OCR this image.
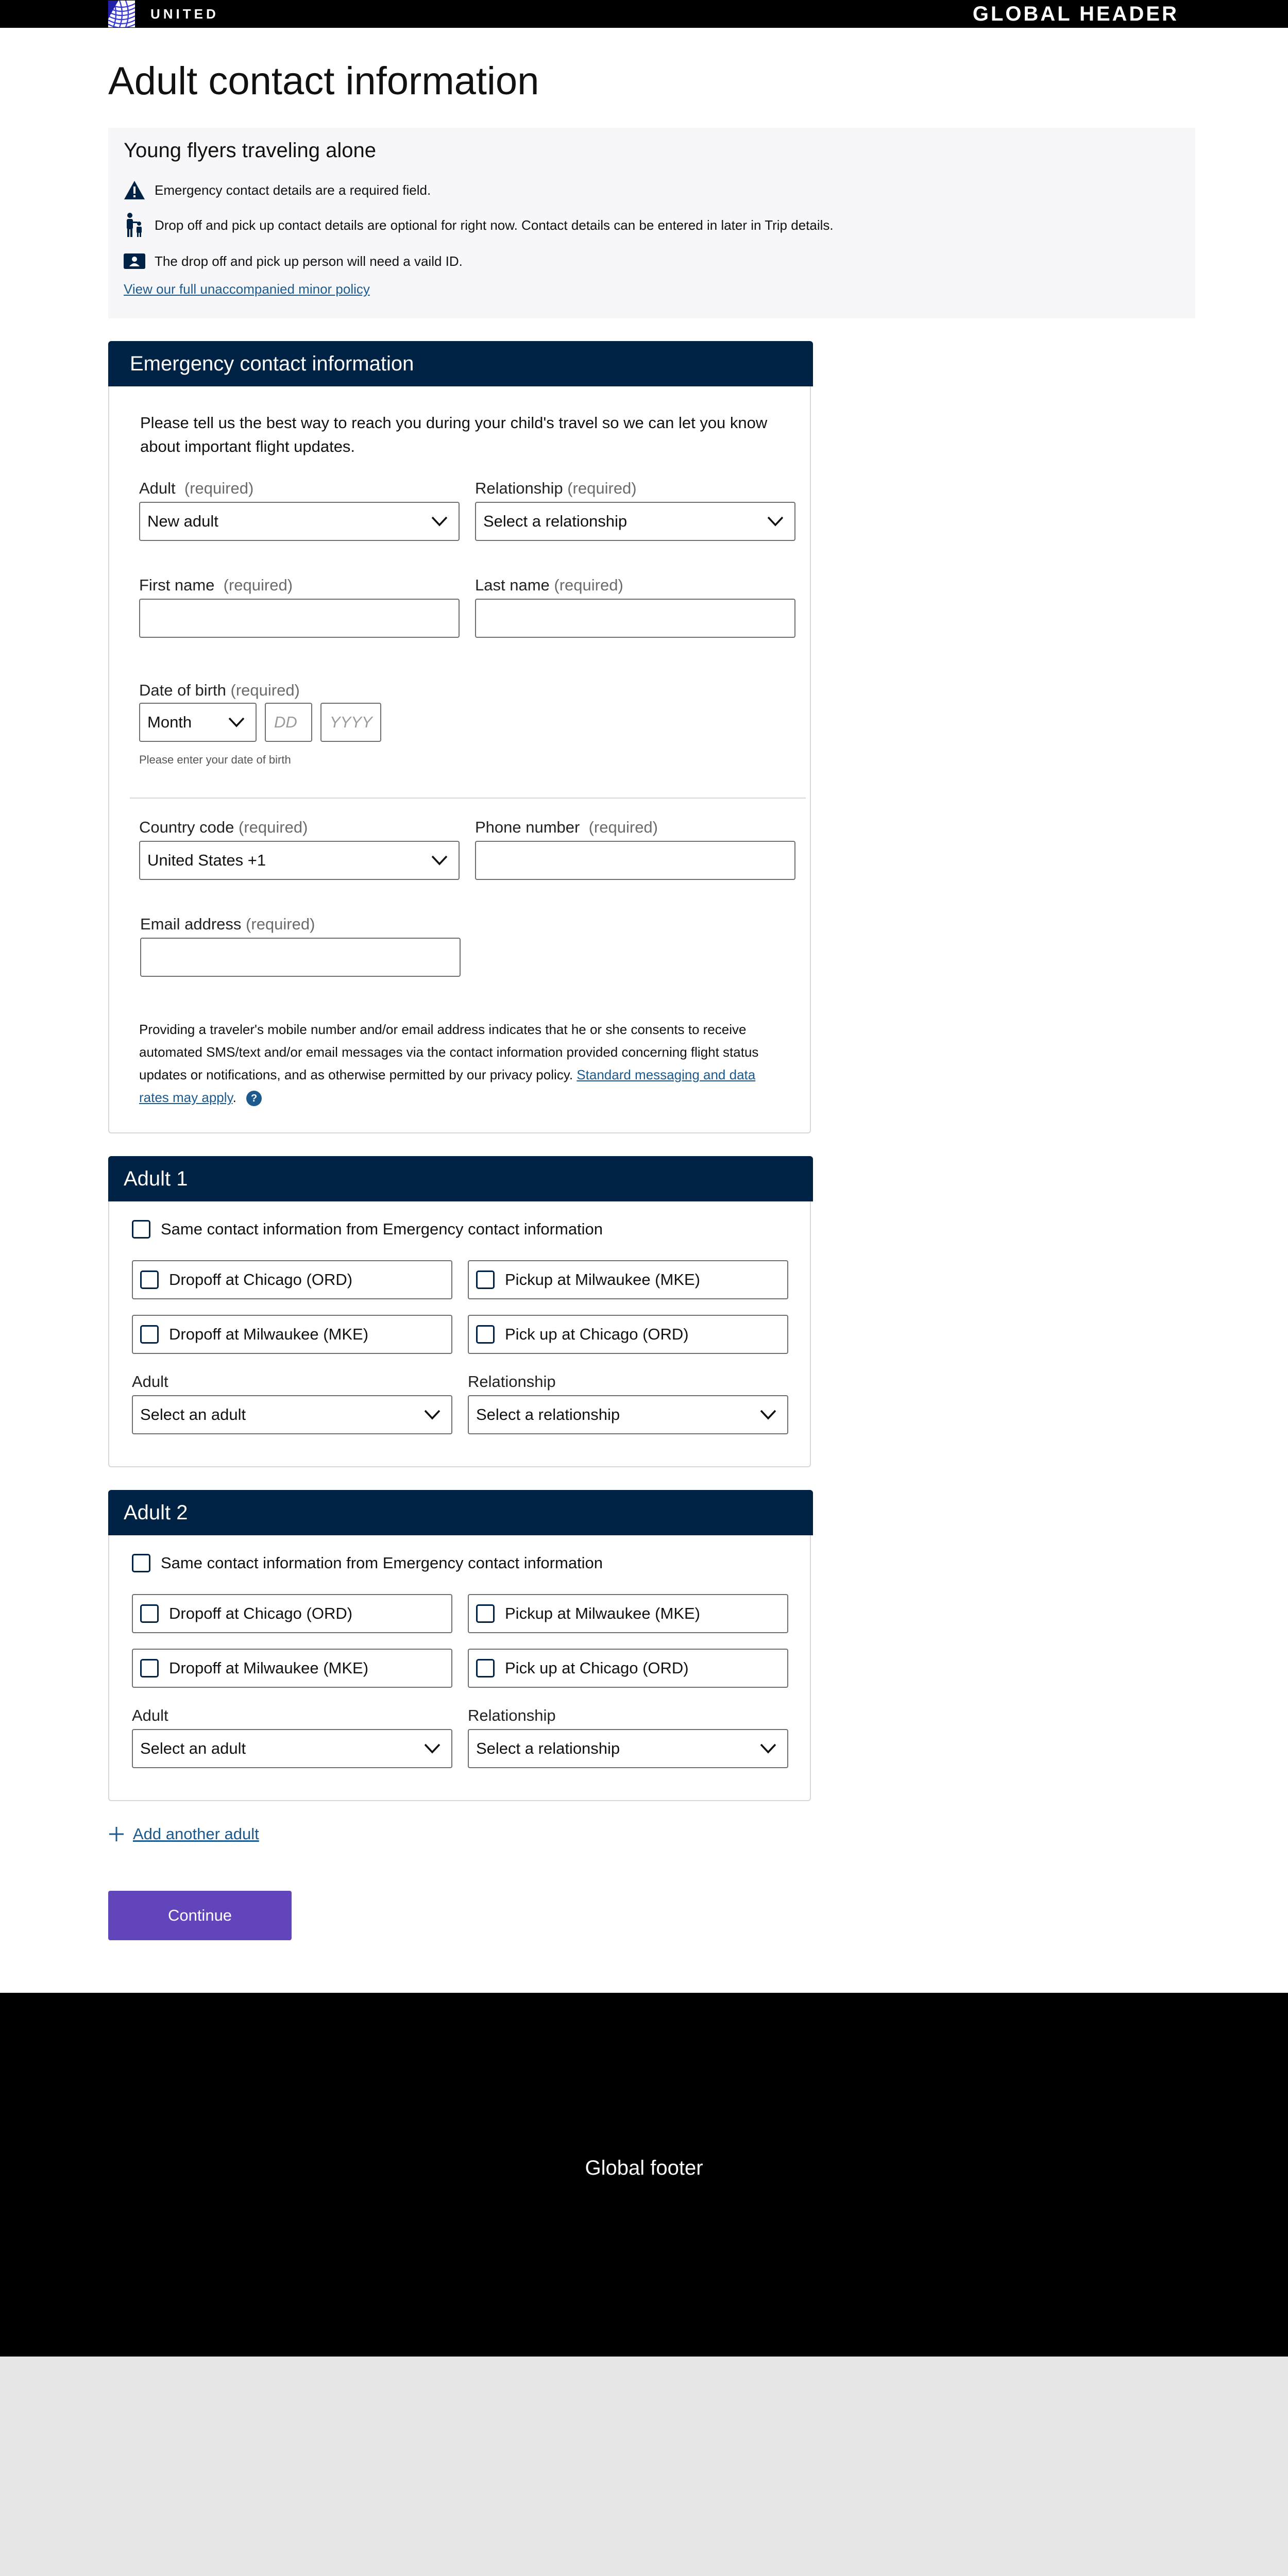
UNITED	GLOBAL HEADER
Adult contact information
Young flyers traveling alone
Emergency contact details are a required field.
Drop off and pick up contact details are optional for right now. Contact details can be entered in later in Trip details.
The drop off and pick up person will need a vaild ID.
View our full unaccompanied minor policy
Emergency contact information
Please tell us the best way to reach you during your child's travel so we can let you know about important flight updates.
Adult (required)	Relationship (required)
New adult	Select a relationship
First name (required)	Last name (required)
Date of birth (required)
Month	DD	YYYY
Please enter your date of birth
Country code (required)	Phone number (required)
United States +1
Email address (required)
Providing a traveler's mobile number and/or email address indicates that he or she consents to receive automated SMS/text and/or email messages via the contact information provided concerning flight status updates or notifications, and as otherwise permitted by our privacy policy. Standard messaging and data rates may apply. ?
Adult 1
Same contact information from Emergency contact information
Dropoff at Chicago (ORD)	Pickup at Milwaukee (MKE)
Dropoff at Milwaukee (MKE)	Pick up at Chicago (ORD)
Adult	Relationship
Select an adult	Select a relationship
Adult 2
Same contact information from Emergency contact information
Dropoff at Chicago (ORD)	Pickup at Milwaukee (MKE)
Dropoff at Milwaukee (MKE)	Pick up at Chicago (ORD)
Adult	Relationship
Select an adult	Select a relationship
Add another adult
Continue
Global footer
